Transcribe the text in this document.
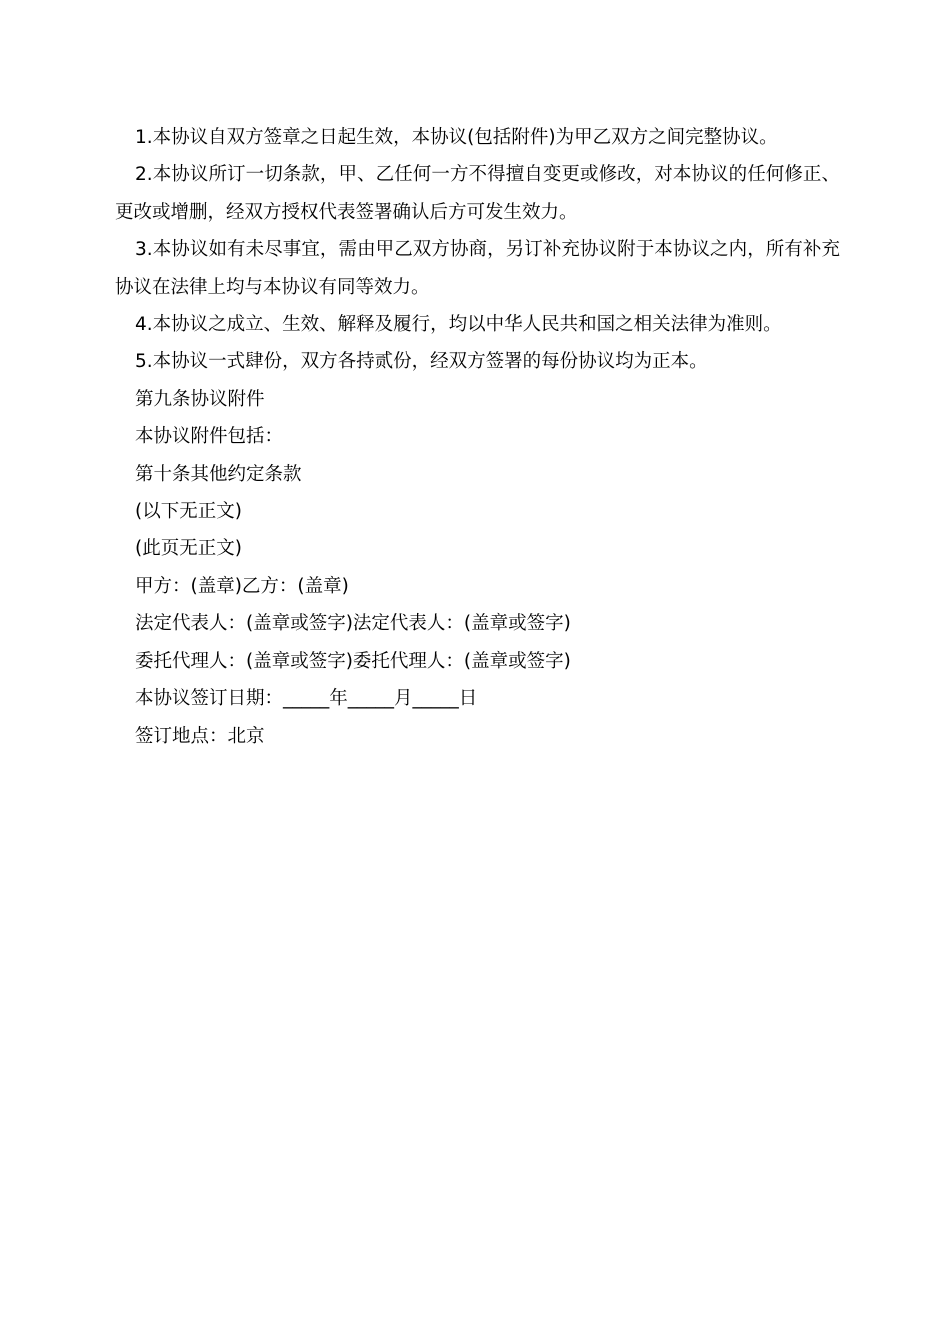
1.本协议自双方签章之日起生效，本协议(包括附件)为甲乙双方之间完整协议。

2.本协议所订一切条款，甲、乙任何一方不得擅自变更或修改，对本协议的任何修正、更改或增删，经双方授权代表签署确认后方可发生效力。

3.本协议如有未尽事宜，需由甲乙双方协商，另订补充协议附于本协议之内，所有补充协议在法律上均与本协议有同等效力。

4.本协议之成立、生效、解释及履行，均以中华人民共和国之相关法律为准则。

5.本协议一式肆份，双方各持贰份，经双方签署的每份协议均为正本。

第九条协议附件

本协议附件包括：

第十条其他约定条款

(以下无正文)

(此页无正文)

甲方：(盖章)乙方：(盖章)

法定代表人：(盖章或签字)法定代表人：(盖章或签字)

委托代理人：(盖章或签字)委托代理人：(盖章或签字)

本协议签订日期：_____年_____月_____日

签订地点：北京
